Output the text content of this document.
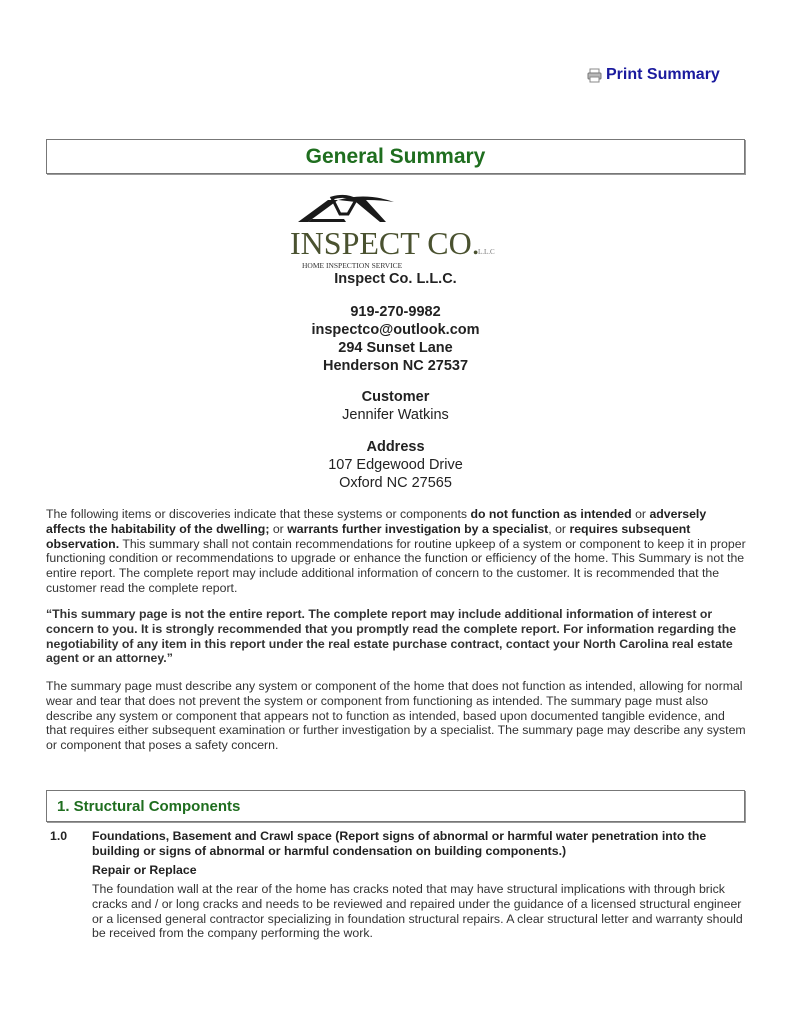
Print Summary
General Summary
INSPECT CO.
L.L.C
HOME INSPECTION SERVICE
Inspect Co. L.L.C.
919-270-9982
inspectco@outlook.com
294 Sunset Lane
Henderson NC 27537
Customer
Jennifer Watkins
Address
107 Edgewood Drive
Oxford NC 27565
The following items or discoveries indicate that these systems or components do not function as intended or adversely affects the habitability of the dwelling; or warrants further investigation by a specialist, or requires subsequent observation. This summary shall not contain recommendations for routine upkeep of a system or component to keep it in proper functioning condition or recommendations to upgrade or enhance the function or efficiency of the home. This Summary is not the entire report. The complete report may include additional information of concern to the customer. It is recommended that the customer read the complete report.
“This summary page is not the entire report. The complete report may include additional information of interest or concern to you. It is strongly recommended that you promptly read the complete report. For information regarding the negotiability of any item in this report under the real estate purchase contract, contact your North Carolina real estate agent or an attorney.”
The summary page must describe any system or component of the home that does not function as intended, allowing for normal wear and tear that does not prevent the system or component from functioning as intended. The summary page must also describe any system or component that appears not to function as intended, based upon documented tangible evidence, and that requires either subsequent examination or further investigation by a specialist. The summary page may describe any system or component that poses a safety concern.
1. Structural Components
1.0 Foundations, Basement and Crawl space (Report signs of abnormal or harmful water penetration into the building or signs of abnormal or harmful condensation on building components.)
Repair or Replace
The foundation wall at the rear of the home has cracks noted that may have structural implications with through brick cracks and / or long cracks and needs to be reviewed and repaired under the guidance of a licensed structural engineer or a licensed general contractor specializing in foundation structural repairs. A clear structural letter and warranty should be received from the company performing the work.
